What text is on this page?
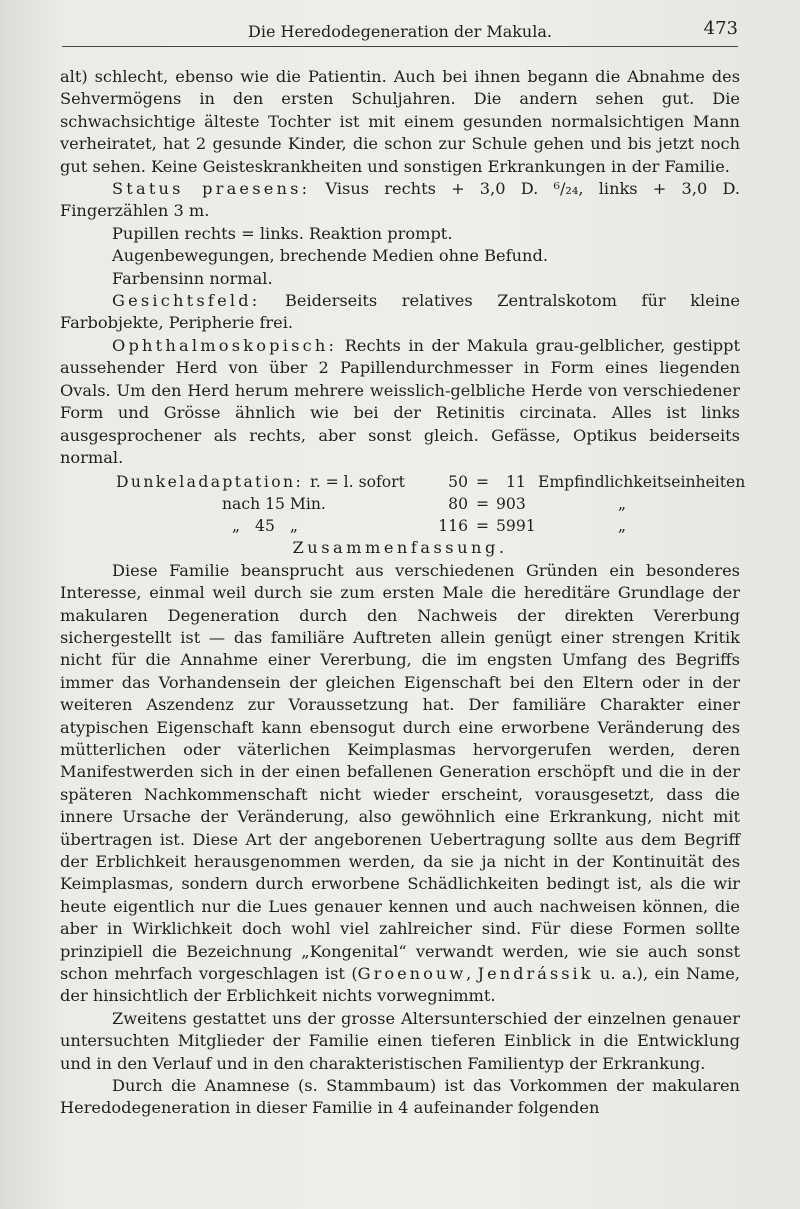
Die Heredodegeneration der Makula.	473

alt) schlecht, ebenso wie die Patientin. Auch bei ihnen begann die Abnahme des Sehvermögens in den ersten Schuljahren. Die andern sehen gut. Die schwachsichtige älteste Tochter ist mit einem gesunden normalsichtigen Mann verheiratet, hat 2 gesunde Kinder, die schon zur Schule gehen und bis jetzt noch gut sehen. Keine Geisteskrankheiten und sonstigen Erkrankungen in der Familie.

Status praesens: Visus rechts + 3,0 D. ⁶/₂₄, links + 3,0 D. Fingerzählen 3 m.

Pupillen rechts = links. Reaktion prompt.

Augenbewegungen, brechende Medien ohne Befund.

Farbensinn normal.

Gesichtsfeld: Beiderseits relatives Zentralskotom für kleine Farbobjekte, Peripherie frei.

Ophthalmoskopisch: Rechts in der Makula grau-gelblicher, gestippt aussehender Herd von über 2 Papillendurchmesser in Form eines liegenden Ovals. Um den Herd herum mehrere weisslich-gelbliche Herde von verschiedener Form und Grösse ähnlich wie bei der Retinitis circinata. Alles ist links ausgesprochener als rechts, aber sonst gleich. Gefässe, Optikus beiderseits normal.

Dunkeladaptation: r. = l. sofort	50 = 11 Empfindlichkeitseinheiten
nach 15 Min.	80 = 903	„
„ 45 „	116 = 5991	„

Zusammenfassung.

Diese Familie beansprucht aus verschiedenen Gründen ein besonderes Interesse, einmal weil durch sie zum ersten Male die hereditäre Grundlage der makularen Degeneration durch den Nachweis der direkten Vererbung sichergestellt ist — das familiäre Auftreten allein genügt einer strengen Kritik nicht für die Annahme einer Vererbung, die im engsten Umfang des Begriffs immer das Vorhandensein der gleichen Eigenschaft bei den Eltern oder in der weiteren Aszendenz zur Voraussetzung hat. Der familiäre Charakter einer atypischen Eigenschaft kann ebensogut durch eine erworbene Veränderung des mütterlichen oder väterlichen Keimplasmas hervorgerufen werden, deren Manifestwerden sich in der einen befallenen Generation erschöpft und die in der späteren Nachkommenschaft nicht wieder erscheint, vorausgesetzt, dass die innere Ursache der Veränderung, also gewöhnlich eine Erkrankung, nicht mit übertragen ist. Diese Art der angeborenen Uebertragung sollte aus dem Begriff der Erblichkeit herausgenommen werden, da sie ja nicht in der Kontinuität des Keimplasmas, sondern durch erworbene Schädlichkeiten bedingt ist, als die wir heute eigentlich nur die Lues genauer kennen und auch nachweisen können, die aber in Wirklichkeit doch wohl viel zahlreicher sind. Für diese Formen sollte prinzipiell die Bezeichnung „Kongenital“ verwandt werden, wie sie auch sonst schon mehrfach vorgeschlagen ist (Groenouw, Jendrássik u. a.), ein Name, der hinsichtlich der Erblichkeit nichts vorwegnimmt.

Zweitens gestattet uns der grosse Altersunterschied der einzelnen genauer untersuchten Mitglieder der Familie einen tieferen Einblick in die Entwicklung und in den Verlauf und in den charakteristischen Familientyp der Erkrankung.

Durch die Anamnese (s. Stammbaum) ist das Vorkommen der makularen Heredodegeneration in dieser Familie in 4 aufeinander folgenden
